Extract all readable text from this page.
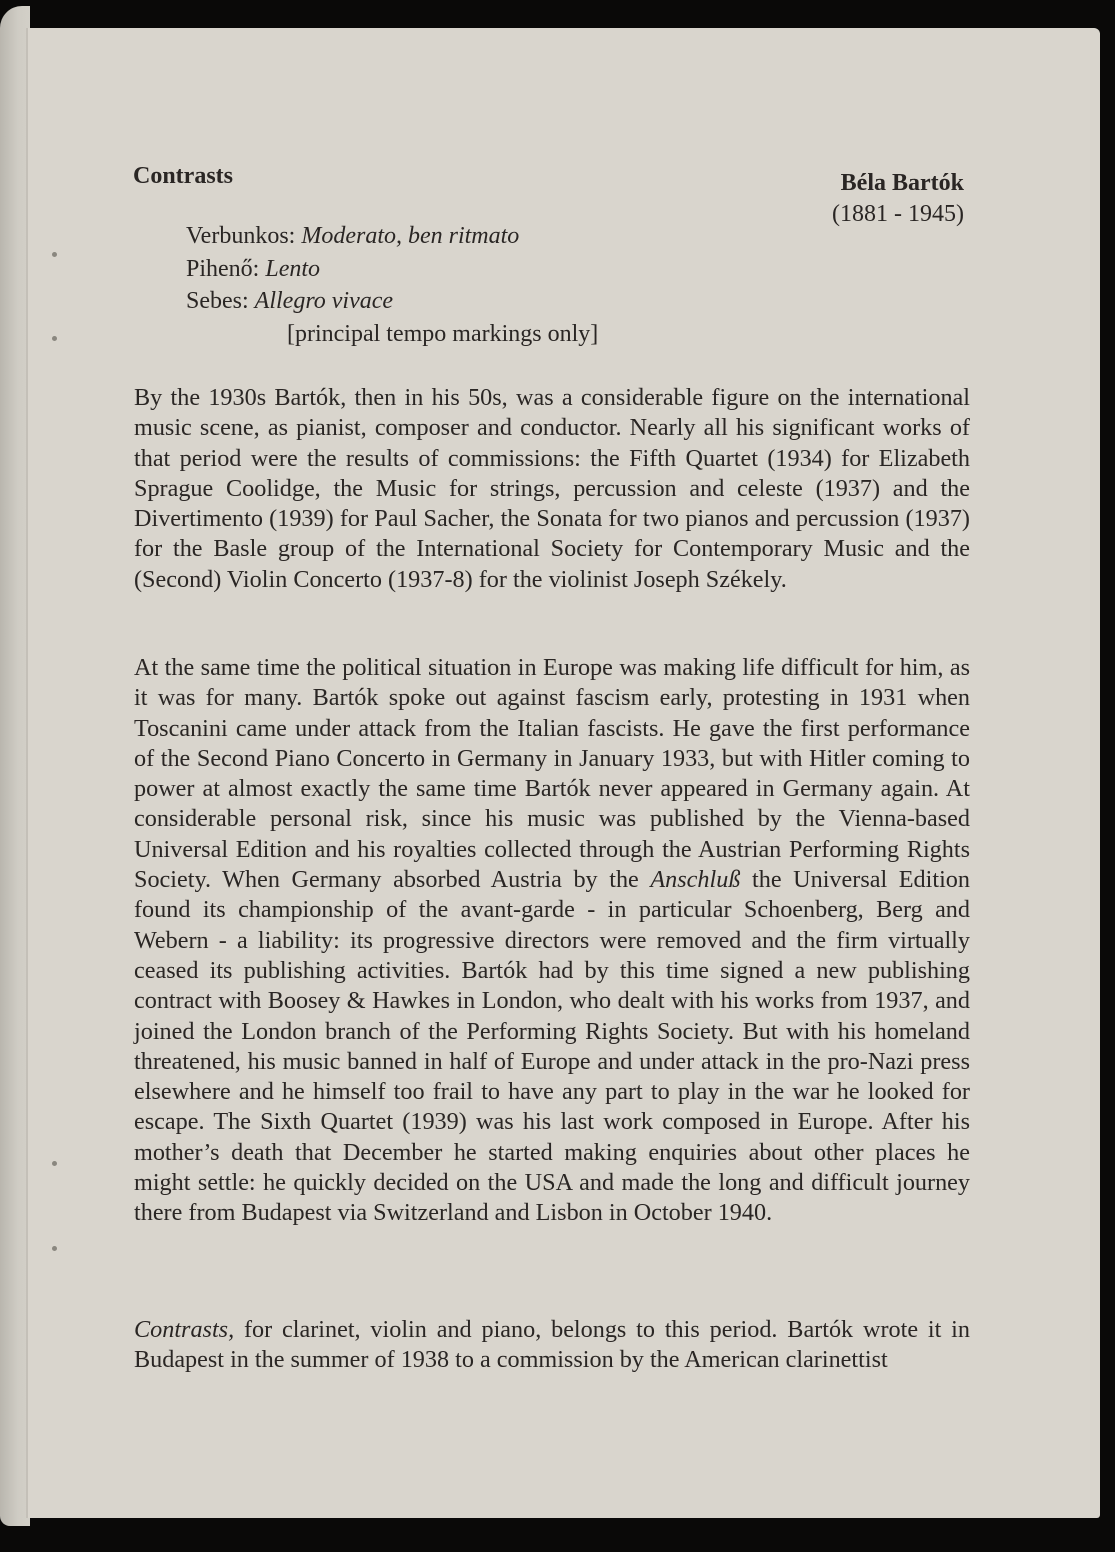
Contrasts	Béla Bartók
(1881 - 1945)
Verbunkos: Moderato, ben ritmato
Pihenő: Lento
Sebes: Allegro vivace
[principal tempo markings only]

By the 1930s Bartók, then in his 50s, was a considerable figure on the international music scene, as pianist, composer and conductor. Nearly all his significant works of that period were the results of commissions: the Fifth Quartet (1934) for Elizabeth Sprague Coolidge, the Music for strings, percussion and celeste (1937) and the Divertimento (1939) for Paul Sacher, the Sonata for two pianos and percussion (1937) for the Basle group of the International Society for Contemporary Music and the (Second) Violin Concerto (1937-8) for the violinist Joseph Székely.

At the same time the political situation in Europe was making life difficult for him, as it was for many. Bartók spoke out against fascism early, protesting in 1931 when Toscanini came under attack from the Italian fascists. He gave the first performance of the Second Piano Concerto in Germany in January 1933, but with Hitler coming to power at almost exactly the same time Bartók never appeared in Germany again. At considerable personal risk, since his music was published by the Vienna-based Universal Edition and his royalties collected through the Austrian Performing Rights Society. When Germany absorbed Austria by the Anschluß the Universal Edition found its championship of the avant-garde - in particular Schoenberg, Berg and Webern - a liability: its progressive directors were removed and the firm virtually ceased its publishing activities. Bartók had by this time signed a new publishing contract with Boosey & Hawkes in London, who dealt with his works from 1937, and joined the London branch of the Performing Rights Society. But with his homeland threatened, his music banned in half of Europe and under attack in the pro-Nazi press elsewhere and he himself too frail to have any part to play in the war he looked for escape. The Sixth Quartet (1939) was his last work composed in Europe. After his mother’s death that December he started making enquiries about other places he might settle: he quickly decided on the USA and made the long and difficult journey there from Budapest via Switzerland and Lisbon in October 1940.

Contrasts, for clarinet, violin and piano, belongs to this period. Bartók wrote it in Budapest in the summer of 1938 to a commission by the American clarinettist
